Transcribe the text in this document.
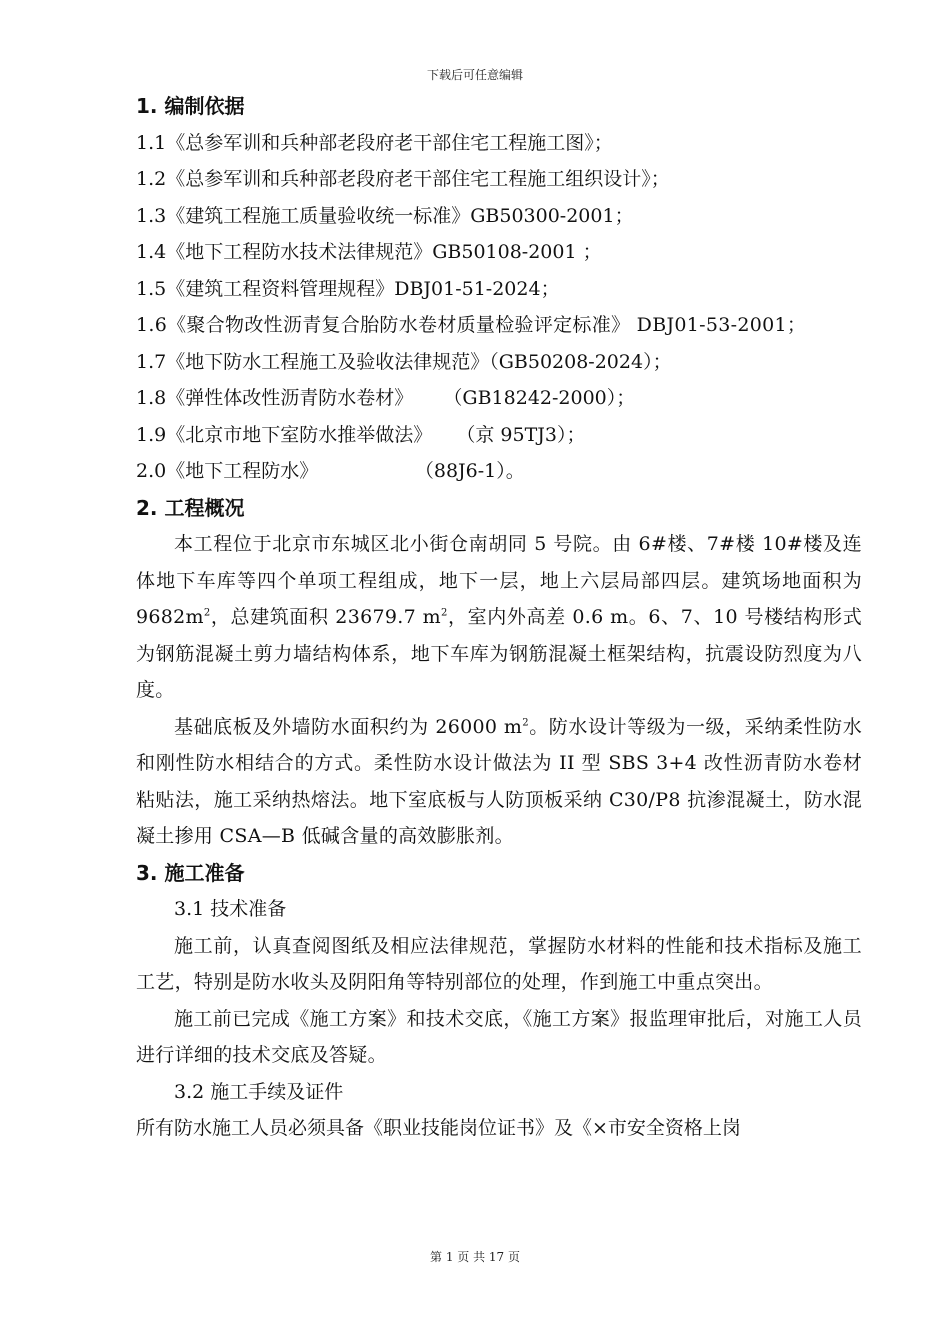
下载后可任意编辑
1. 编制依据
1.1《总参军训和兵种部老段府老干部住宅工程施工图》；
1.2《总参军训和兵种部老段府老干部住宅工程施工组织设计》；
1.3《建筑工程施工质量验收统一标准》GB50300-2001；
1.4《地下工程防水技术法律规范》GB50108-2001 ；
1.5《建筑工程资料管理规程》DBJ01-51-2024；
1.6《聚合物改性沥青复合胎防水卷材质量检验评定标准》 DBJ01-53-2001；
1.7《地下防水工程施工及验收法律规范》（GB50208-2024）；
1.8《弹性体改性沥青防水卷材》     （GB18242-2000）；
1.9《北京市地下室防水推举做法》    （京 95TJ3）；
2.0《地下工程防水》                （88J6-1）。
2. 工程概况
本工程位于北京市东城区北小街仓南胡同 5 号院。由 6#楼、7#楼 10#楼及连体地下车库等四个单项工程组成，地下一层，地上六层局部四层。建筑场地面积为 $9682m^2$，总建筑面积 23679.7 $m^2$，室内外高差 0.6 m。6、7、10 号楼结构形式为钢筋混凝土剪力墙结构体系，地下车库为钢筋混凝土框架结构，抗震设防烈度为八度。
基础底板及外墙防水面积约为 26000 $m^2$。防水设计等级为一级，采纳柔性防水和刚性防水相结合的方式。柔性防水设计做法为 II 型 SBS 3+4 改性沥青防水卷材粘贴法，施工采纳热熔法。地下室底板与人防顶板采纳 C30/P8 抗渗混凝土，防水混凝土掺用 CSA—B 低碱含量的高效膨胀剂。
3. 施工准备
3.1 技术准备
施工前，认真查阅图纸及相应法律规范，掌握防水材料的性能和技术指标及施工工艺，特别是防水收头及阴阳角等特别部位的处理，作到施工中重点突出。
施工前已完成《施工方案》和技术交底，《施工方案》报监理审批后，对施工人员进行详细的技术交底及答疑。
3.2 施工手续及证件
所有防水施工人员必须具备《职业技能岗位证书》及《×市安全资格上岗
第 1 页 共 17 页
